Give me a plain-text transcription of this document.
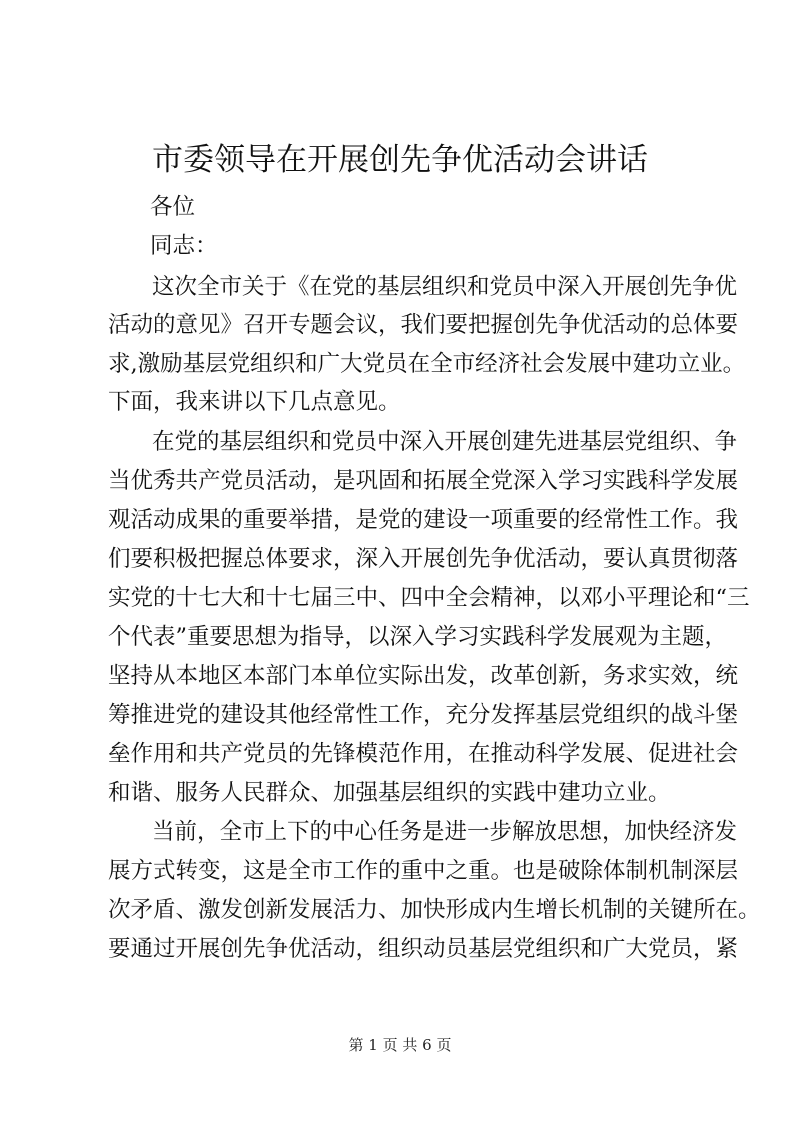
市委领导在开展创先争优活动会讲话

各位

同志：

这次全市关于《在党的基层组织和党员中深入开展创先争优

活动的意见》召开专题会议，我们要把握创先争优活动的总体要

求,激励基层党组织和广大党员在全市经济社会发展中建功立业。

下面，我来讲以下几点意见。

在党的基层组织和党员中深入开展创建先进基层党组织、争

当优秀共产党员活动，是巩固和拓展全党深入学习实践科学发展

观活动成果的重要举措，是党的建设一项重要的经常性工作。我

们要积极把握总体要求，深入开展创先争优活动，要认真贯彻落

实党的十七大和十七届三中、四中全会精神，以邓小平理论和“三

个代表”重要思想为指导，以深入学习实践科学发展观为主题，

坚持从本地区本部门本单位实际出发，改革创新，务求实效，统

筹推进党的建设其他经常性工作，充分发挥基层党组织的战斗堡

垒作用和共产党员的先锋模范作用，在推动科学发展、促进社会

和谐、服务人民群众、加强基层组织的实践中建功立业。

当前，全市上下的中心任务是进一步解放思想，加快经济发

展方式转变，这是全市工作的重中之重。也是破除体制机制深层

次矛盾、激发创新发展活力、加快形成内生增长机制的关键所在。

要通过开展创先争优活动，组织动员基层党组织和广大党员，紧

第 1 页 共 6 页
